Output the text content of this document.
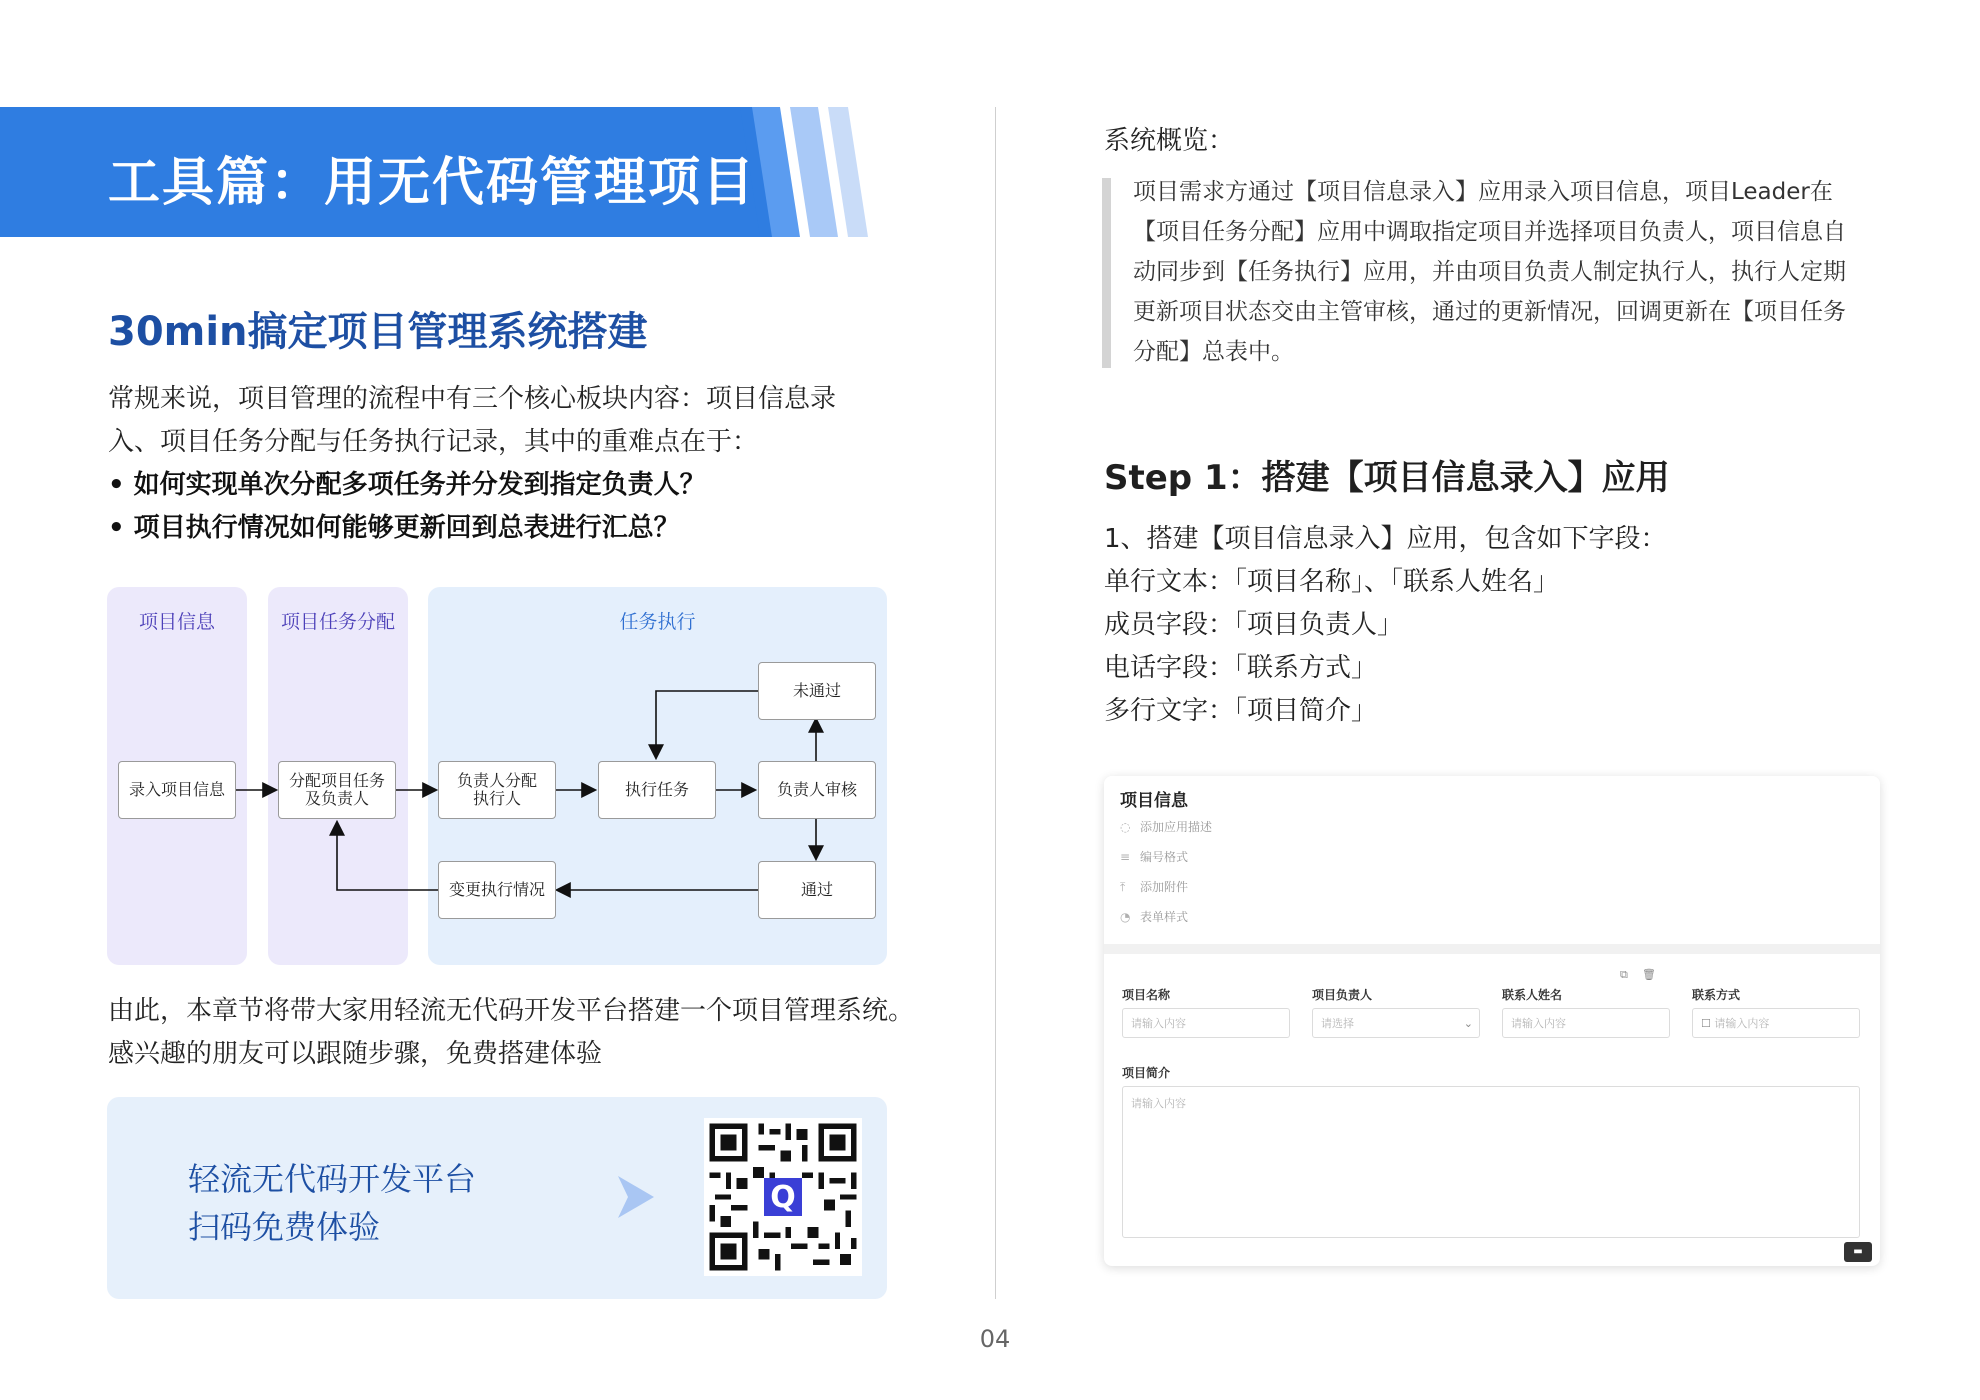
工具篇：用无代码管理项目
30min搞定项目管理系统搭建
常规来说，项目管理的流程中有三个核心板块内容：项目信息录
入、项目任务分配与任务执行记录，其中的重难点在于：
• 如何实现单次分配多项任务并分发到指定负责人？
• 项目执行情况如何能够更新回到总表进行汇总？
项目信息	项目任务分配	任务执行
录入项目信息	分配项目任务
及负责人
负责人分配
执行人	执行任务	负责人审核
未通过
通过
变更执行情况
由此，本章节将带大家用轻流无代码开发平台搭建一个项目管理系统。
感兴趣的朋友可以跟随步骤，免费搭建体验
轻流无代码开发平台
扫码免费体验
Q
04
系统概览：
项目需求方通过【项目信息录入】应用录入项目信息，项目Leader在
【项目任务分配】应用中调取指定项目并选择项目负责人，项目信息自
动同步到【任务执行】应用，并由项目负责人制定执行人，执行人定期
更新项目状态交由主管审核，通过的更新情况，回调更新在【项目任务
分配】总表中。
Step 1：搭建【项目信息录入】应用
1、搭建【项目信息录入】应用，包含如下字段：
单行文本：「项目名称」、「联系人姓名」
成员字段：「项目负责人」
电话字段：「联系方式」
多行文字：「项目简介」
项目信息
◌ 添加应用描述
≡ 编号格式
⤒ 添加附件
◔ 表单样式
项目名称
请输入内容
项目负责人
请选择	⌄
⧉ 🗑
联系人姓名
请输入内容
联系方式
☐ 请输入内容
项目简介
请输入内容
▬
